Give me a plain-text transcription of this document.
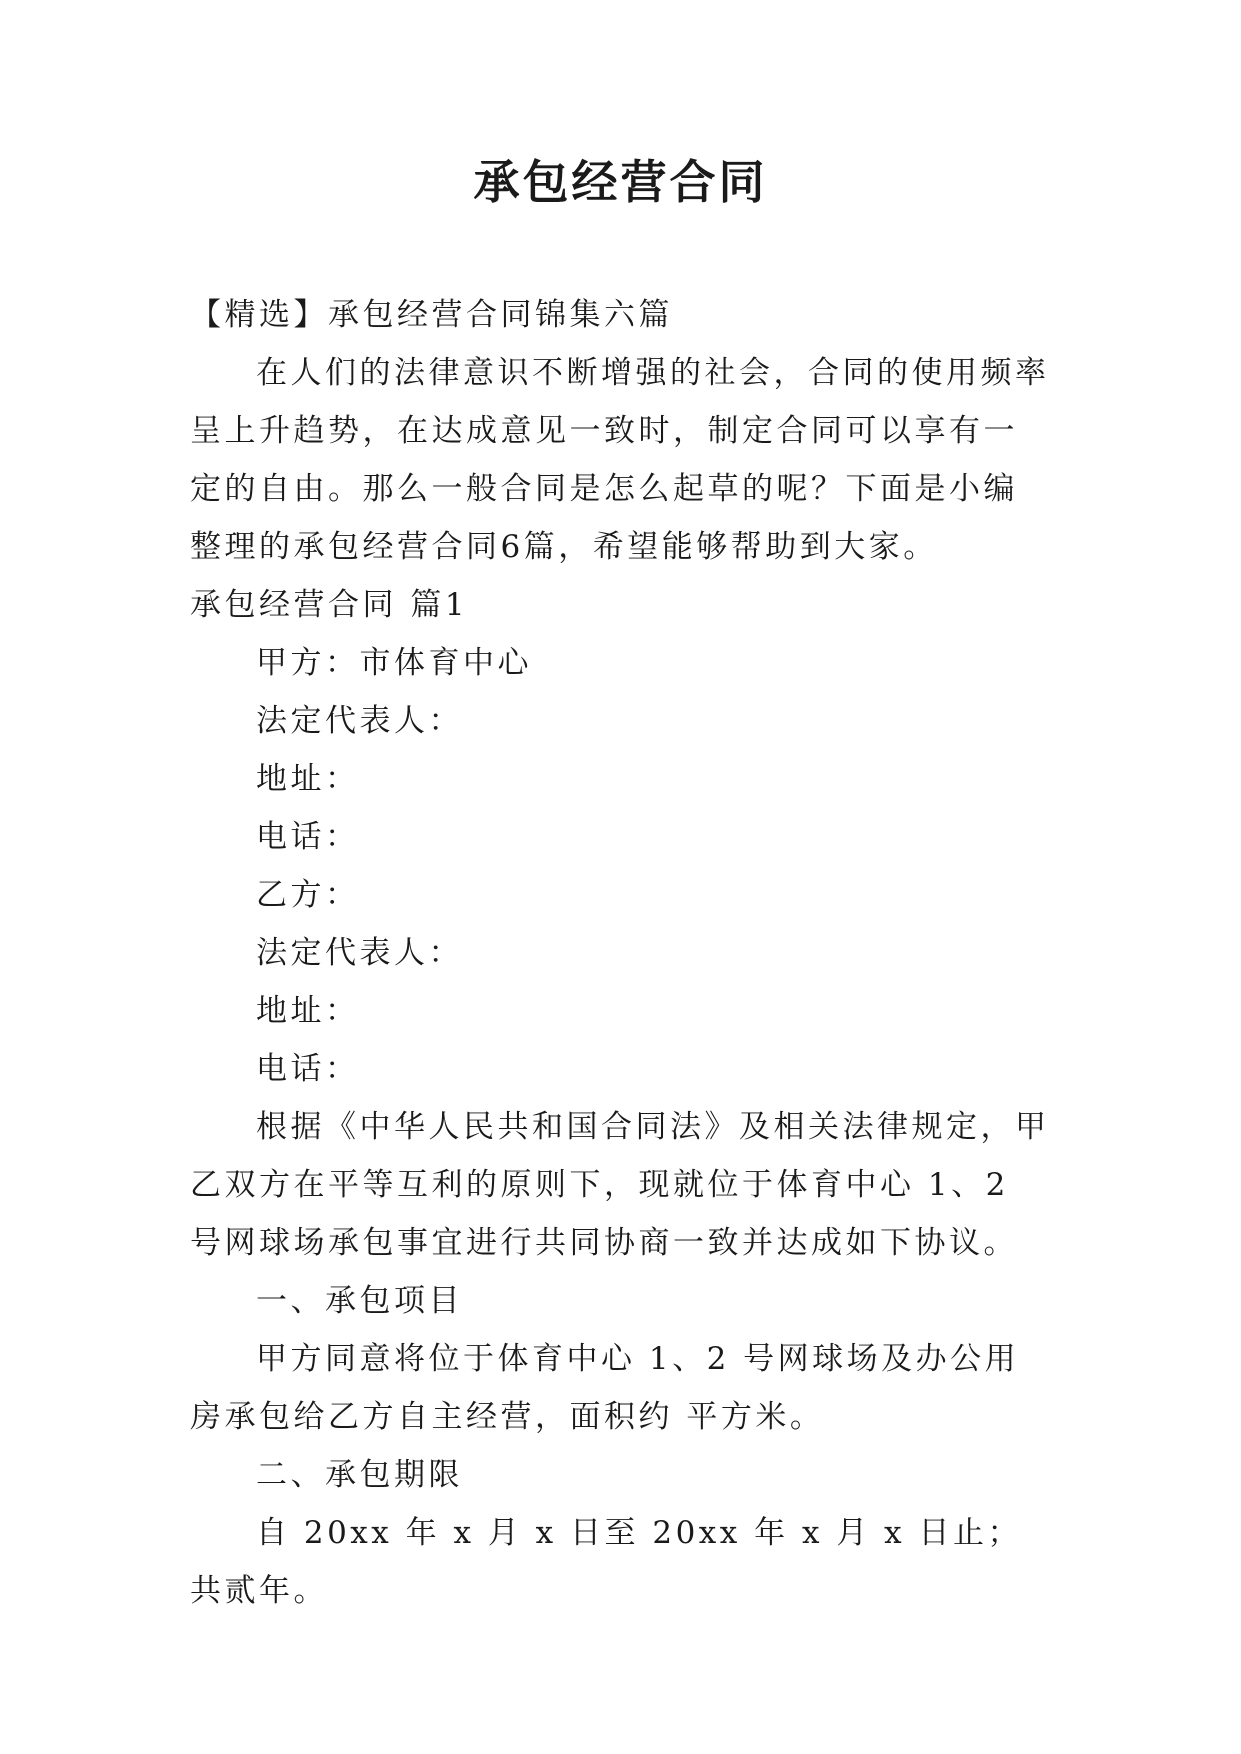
承包经营合同

【精选】承包经营合同锦集六篇

在人们的法律意识不断增强的社会，合同的使用频率呈上升趋势，在达成意见一致时，制定合同可以享有一定的自由。那么一般合同是怎么起草的呢？下面是小编整理的承包经营合同6篇，希望能够帮助到大家。

承包经营合同 篇1

甲方：市体育中心

法定代表人：

地址：

电话：

乙方：

法定代表人：

地址：

电话：

根据《中华人民共和国合同法》及相关法律规定，甲乙双方在平等互利的原则下，现就位于体育中心 1、2 号网球场承包事宜进行共同协商一致并达成如下协议。

一、承包项目

甲方同意将位于体育中心 1、2 号网球场及办公用房承包给乙方自主经营，面积约 平方米。

二、承包期限

自 20xx 年 x 月 x 日至 20xx 年 x 月 x 日止；共贰年。
